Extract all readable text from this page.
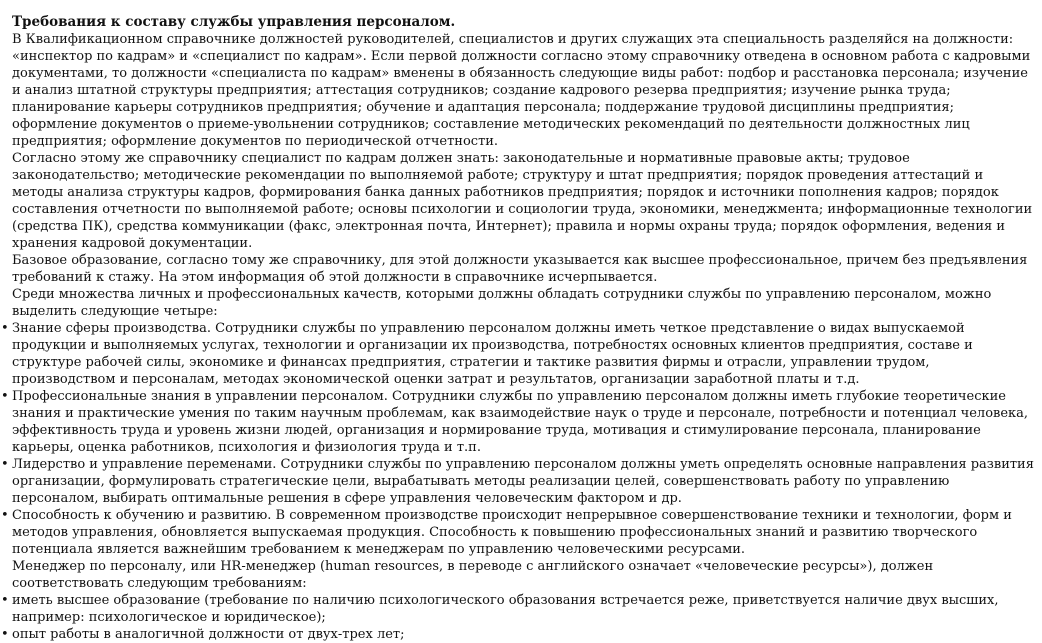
Требования к составу службы управления персоналом.

В Квалификационном справочнике должностей руководителей, специалистов и других служащих эта специальность разделяйся на должности: «инспектор по кадрам» и «специалист по кадрам». Если первой должности согласно этому справочнику отведена в основном работа с кадровыми документами, то должности «специалиста по кадрам» вменены в обязанность следующие виды работ: подбор и расстановка персонала; изучение и анализ штатной структуры предприятия; аттестация сотрудников; создание кадрового резерва предприятия; изучение рынка труда; планирование карьеры сотрудников предприятия; обучение и адаптация персонала; поддержание трудовой дисциплины предприятия; оформление документов о приеме-увольнении сотрудников; составление методических рекомендаций по деятельности должностных лиц предприятия; оформление документов по периодической отчетности.

Согласно этому же справочнику специалист по кадрам должен знать: законодательные и нормативные правовые акты; трудовое законодательство; методические рекомендации по выполняемой работе; структуру и штат предприятия; порядок проведения аттестаций и методы анализа структуры кадров, формирования банка данных работников предприятия; порядок и источники пополнения кадров; порядок составления отчетности по выполняемой работе; основы психологии и социологии труда, экономики, менеджмента; информационные технологии (средства ПК), средства коммуникации (факс, электронная почта, Интернет); правила и нормы охраны труда; порядок оформления, ведения и хранения кадровой документации.

Базовое образование, согласно тому же справочнику, для этой должности указывается как высшее профессиональное, причем без предъявления требований к стажу. На этом информация об этой должности в справочнике исчерпывается.

Среди множества личных и профессиональных качеств, которыми должны обладать сотрудники службы по управлению персоналом, можно выделить следующие четыре:

• Знание сферы производства. Сотрудники службы по управлению персоналом должны иметь четкое представление о видах выпускаемой продукции и выполняемых услугах, технологии и организации их производства, потребностях основных клиентов предприятия, составе и структуре рабочей силы, экономике и финансах предприятия, стратегии и тактике развития фирмы и отрасли, управлении трудом, производством и персоналам, методах экономической оценки затрат и результатов, организации заработной платы и т.д.
• Профессиональные знания в управлении персоналом. Сотрудники службы по управлению персоналом должны иметь глубокие теоретические знания и практические умения по таким научным проблемам, как взаимодействие наук о труде и персонале, потребности и потенциал человека, эффективность труда и уровень жизни людей, организация и нормирование труда, мотивация и стимулирование персонала, планирование карьеры, оценка работников, психология и физиология труда и т.п.
• Лидерство и управление переменами. Сотрудники службы по управлению персоналом должны уметь определять основные направления развития организации, формулировать стратегические цели, вырабатывать методы реализации целей, совершенствовать работу по управлению персоналом, выбирать оптимальные решения в сфере управления человеческим фактором и др.
• Способность к обучению и развитию. В современном производстве происходит непрерывное совершенствование техники и технологии, форм и методов управления, обновляется выпускаемая продукция. Способность к повышению профессиональных знаний и развитию творческого потенциала является важнейшим требованием к менеджерам по управлению человеческими ресурсами.

Менеджер по персоналу, или HR-менеджер (human resources, в переводе с английского означает «человеческие ресурсы»), должен соответствовать следующим требованиям:

• иметь высшее образование (требование по наличию психологического образования встречается реже, приветствуется наличие двух высших, например: психологическое и юридическое);
• опыт работы в аналогичной должности от двух-трех лет;
